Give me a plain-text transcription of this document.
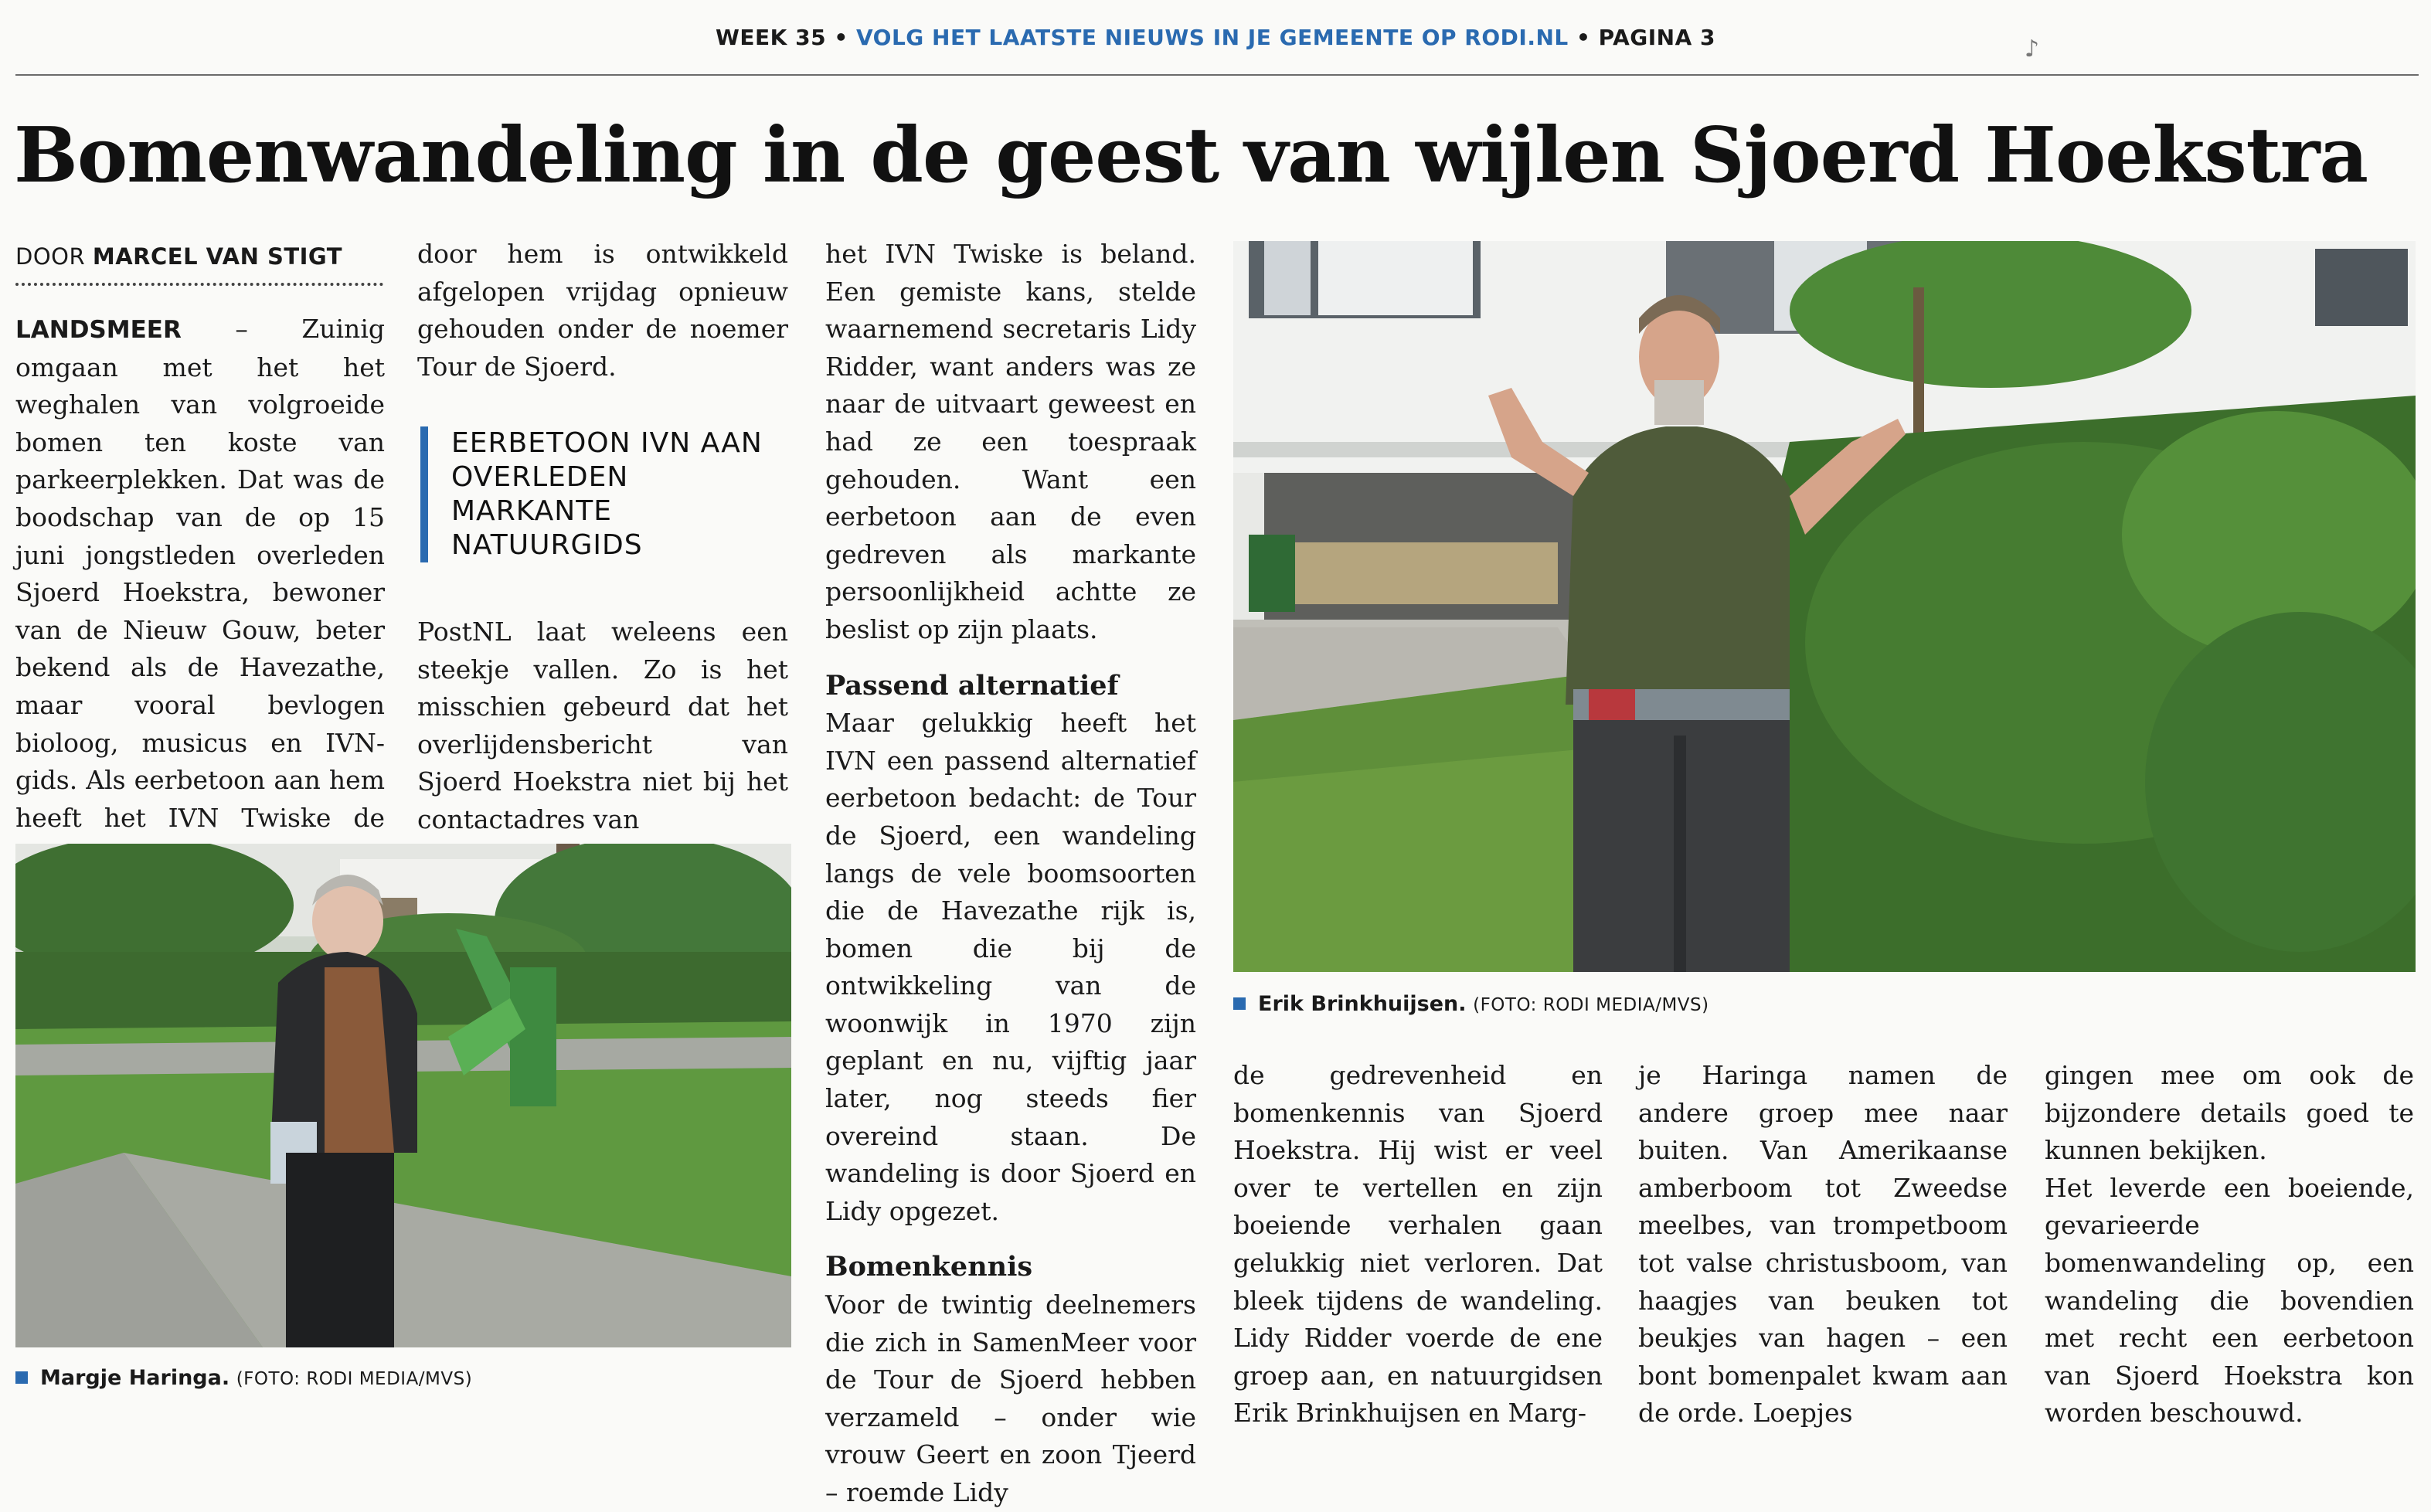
WEEK 35 • VOLG HET LAATSTE NIEUWS IN JE GEMEENTE OP RODI.NL • PAGINA 3	♪
Bomenwandeling in de geest van wijlen Sjoerd Hoekstra
DOOR MARCEL VAN STIGT

LANDSMEER – Zuinig omgaan met het het weghalen van volgroeide bomen ten koste van parkeerplekken. Dat was de boodschap van de op 15 juni jongstleden overleden Sjoerd Hoekstra, bewoner van de Nieuw Gouw, beter bekend als de Havezathe, maar vooral bevlogen bioloog, musicus en IVN-gids. Als eerbetoon aan hem heeft het IVN Twiske de

door hem is ontwikkeld afgelopen vrijdag opnieuw gehouden onder de noemer Tour de Sjoerd.

EERBETOON IVN AAN OVERLEDEN MARKANTE NATUURGIDS

PostNL laat weleens een steekje vallen. Zo is het misschien gebeurd dat het overlijdensbericht van Sjoerd Hoekstra niet bij het contactadres van

het IVN Twiske is beland. Een gemiste kans, stelde waarnemend secretaris Lidy Ridder, want anders was ze naar de uitvaart geweest en had ze een toespraak gehouden. Want een eerbetoon aan de even gedreven als markante persoonlijkheid achtte ze beslist op zijn plaats.

Passend alternatief

Maar gelukkig heeft het IVN een passend alternatief eerbetoon bedacht: de Tour de Sjoerd, een wandeling langs de vele boomsoorten die de Havezathe rijk is, bomen die bij de ontwikkeling van de woonwijk in 1970 zijn geplant en nu, vijftig jaar later, nog steeds fier overeind staan. De wandeling is door Sjoerd en Lidy opgezet.

Bomenkennis

Voor de twintig deelnemers die zich in SamenMeer voor de Tour de Sjoerd hebben verzameld – onder wie vrouw Geert en zoon Tjeerd – roemde Lidy

Erik Brinkhuijsen. (FOTO: RODI MEDIA/MVS)
Margje Haringa. (FOTO: RODI MEDIA/MVS)

de gedrevenheid en bomenkennis van Sjoerd Hoekstra. Hij wist er veel over te vertellen en zijn boeiende verhalen gaan gelukkig niet verloren. Dat bleek tijdens de wandeling. Lidy Ridder voerde de ene groep aan, en natuurgidsen Erik Brinkhuijsen en Marg-

je Haringa namen de andere groep mee naar buiten. Van Amerikaanse amberboom tot Zweedse meelbes, van trompetboom tot valse christusboom, van haagjes van beuken tot beukjes van hagen – een bont bomenpalet kwam aan de orde. Loepjes

gingen mee om ook de bijzondere details goed te kunnen bekijken.

Het leverde een boeiende, gevarieerde bomenwandeling op, een wandeling die bovendien met recht een eerbetoon van Sjoerd Hoekstra kon worden beschouwd.
